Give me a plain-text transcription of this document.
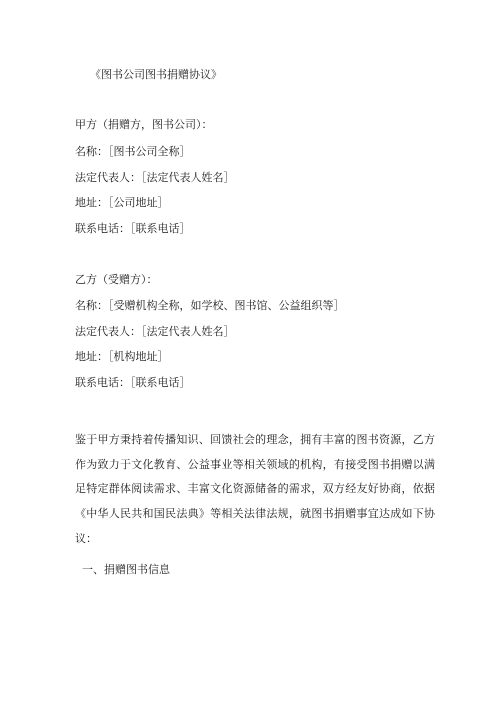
《图书公司图书捐赠协议》
甲方（捐赠方，图书公司）：
名称：［图书公司全称］
法定代表人：［法定代表人姓名］
地址：［公司地址］
联系电话：［联系电话］
乙方（受赠方）：
名称：［受赠机构全称，如学校、图书馆、公益组织等］
法定代表人：［法定代表人姓名］
地址：［机构地址］
联系电话：［联系电话］
鉴于甲方秉持着传播知识、回馈社会的理念，拥有丰富的图书资源，乙方作为致力于文化教育、公益事业等相关领域的机构，有接受图书捐赠以满足特定群体阅读需求、丰富文化资源储备的需求，双方经友好协商，依据《中华人民共和国民法典》等相关法律法规，就图书捐赠事宜达成如下协议：
一、捐赠图书信息
